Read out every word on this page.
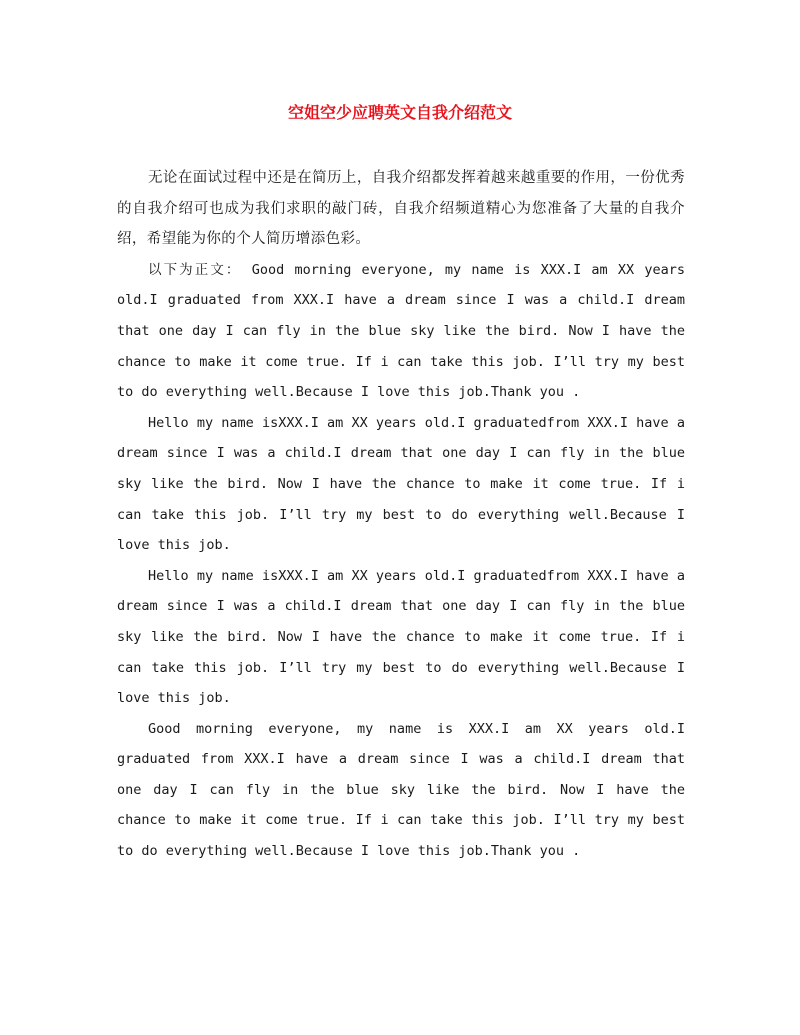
空姐空少应聘英文自我介绍范文

无论在面试过程中还是在简历上，自我介绍都发挥着越来越重要的作用，一份优秀的自我介绍可也成为我们求职的敲门砖，自我介绍频道精心为您准备了大量的自我介绍，希望能为你的个人简历增添色彩。

以下为正文： Good morning everyone, my name is XXX.I am XX years old.I graduated from XXX.I have a dream since I was a child.I dream that one day I can fly in the blue sky like the bird. Now I have the chance to make it come true. If i can take this job. I’ll try my best to do everything well.Because I love this job.Thank you .

Hello my name isXXX.I am XX years old.I graduatedfrom XXX.I have a dream since I was a child.I dream that one day I can fly in the blue sky like the bird. Now I have the chance to make it come true. If i can take this job. I’ll try my best to do everything well.Because I love this job.

Hello my name isXXX.I am XX years old.I graduatedfrom XXX.I have a dream since I was a child.I dream that one day I can fly in the blue sky like the bird. Now I have the chance to make it come true. If i can take this job. I’ll try my best to do everything well.Because I love this job.

Good morning everyone, my name is XXX.I am XX years old.I graduated from XXX.I have a dream since I was a child.I dream that one day I can fly in the blue sky like the bird. Now I have the chance to make it come true. If i can take this job. I’ll try my best to do everything well.Because I love this job.Thank you .
